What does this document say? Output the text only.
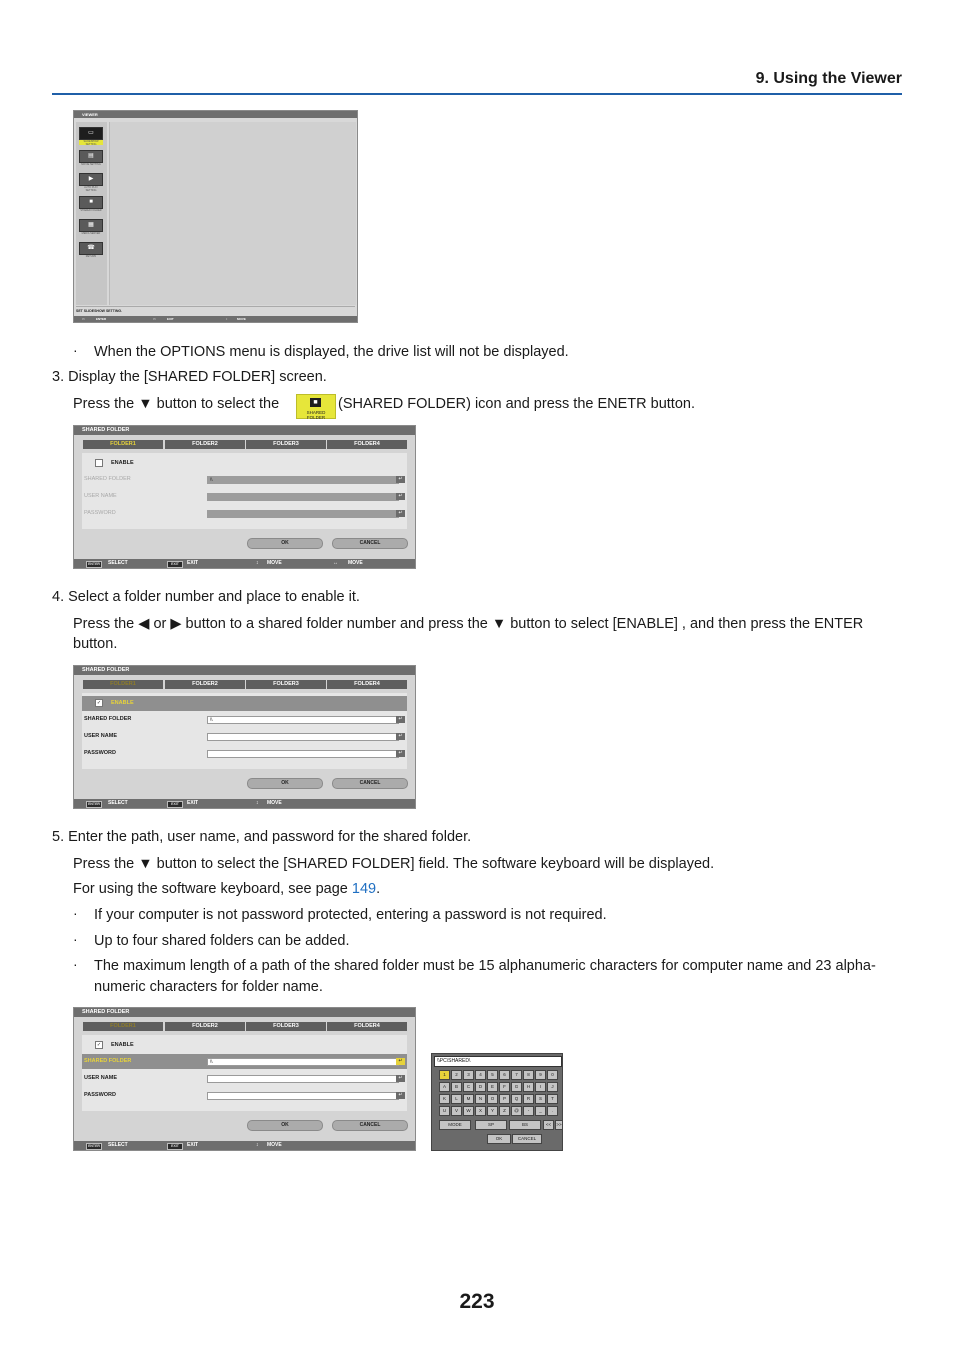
9. Using the Viewer
VIEWER
▭
SLIDESHOW SETTING
▤
MOVIE SETTING
▶
AUTO PLAY SETTING
■
SHARED FOLDER
▦
MEDIA SERVER
☎
RETURN
SET SLIDESHOW SETTING.
▭	ENTER	▭	EXIT	↕	MOVE
· When the OPTIONS menu is displayed, the drive list will not be displayed.
3. Display the [SHARED FOLDER] screen.
Press the ▼ button to select the	■
SHARED FOLDER
(SHARED FOLDER) icon and press the ENETR button.
SHARED FOLDER
FOLDER1	FOLDER2	FOLDER3	FOLDER4
ENABLE
SHARED FOLDER	\\	↵
USER NAME	↵
PASSWORD	↵
OK	CANCEL
ENTER	SELECT	EXIT	EXIT	↕ MOVE	↔ MOVE
4. Select a folder number and place to enable it.
Press the ◀ or ▶ button to a shared folder number and press the ▼ button to select [ENABLE] , and then press the ENTER
button.
SHARED FOLDER
FOLDER1	FOLDER2	FOLDER3	FOLDER4
✓	ENABLE
SHARED FOLDER	\\	↵
USER NAME	↵
PASSWORD	↵
OK	CANCEL
ENTER	SELECT	EXIT	EXIT	↕ MOVE
5. Enter the path, user name, and password for the shared folder.
Press the ▼ button to select the [SHARED FOLDER] field. The software keyboard will be displayed.
For using the software keyboard, see page 149.
· If your computer is not password protected, entering a password is not required.
· Up to four shared folders can be added.
· The maximum length of a path of the shared folder must be 15 alphanumeric characters for computer name and 23 alpha-
numeric characters for folder name.
SHARED FOLDER
FOLDER1	FOLDER2	FOLDER3	FOLDER4
✓	ENABLE
SHARED FOLDER	\\	↵
USER NAME	↵
PASSWORD	↵
OK	CANCEL
ENTER	SELECT	EXIT	EXIT	↕ MOVE
\\PC\SHARED\
1	2	3	4	5	6	7	8	9	0
A	B	C	D	E	F	G	H	I	J
K	L	M	N	O	P	Q	R	S	T
U	V	W	X	Y	Z	@	-	_	.
MODE	SP	BS	<<	>>
OK	CANCEL
223
